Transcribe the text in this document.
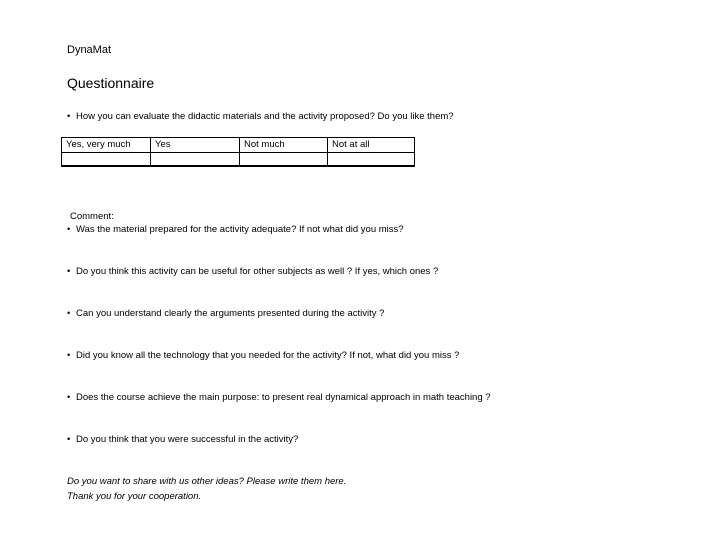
DynaMat
Questionnaire
• How you can evaluate the didactic materials and the activity proposed? Do you like them?
Yes, very much	Yes	Not much	Not at all

Comment:
• Was the material prepared for the activity adequate? If not what did you miss?
• Do you think this activity can be useful for other subjects as well ? If yes, which ones ?
• Can you understand clearly the arguments presented during the activity ?
• Did you know all the technology that you needed for the activity? If not, what did you miss ?
• Does the course achieve the main purpose: to present real dynamical approach in math teaching ?
• Do you think that you were successful in the activity?
Do you want to share with us other ideas? Please write them here.
Thank you for your cooperation.
